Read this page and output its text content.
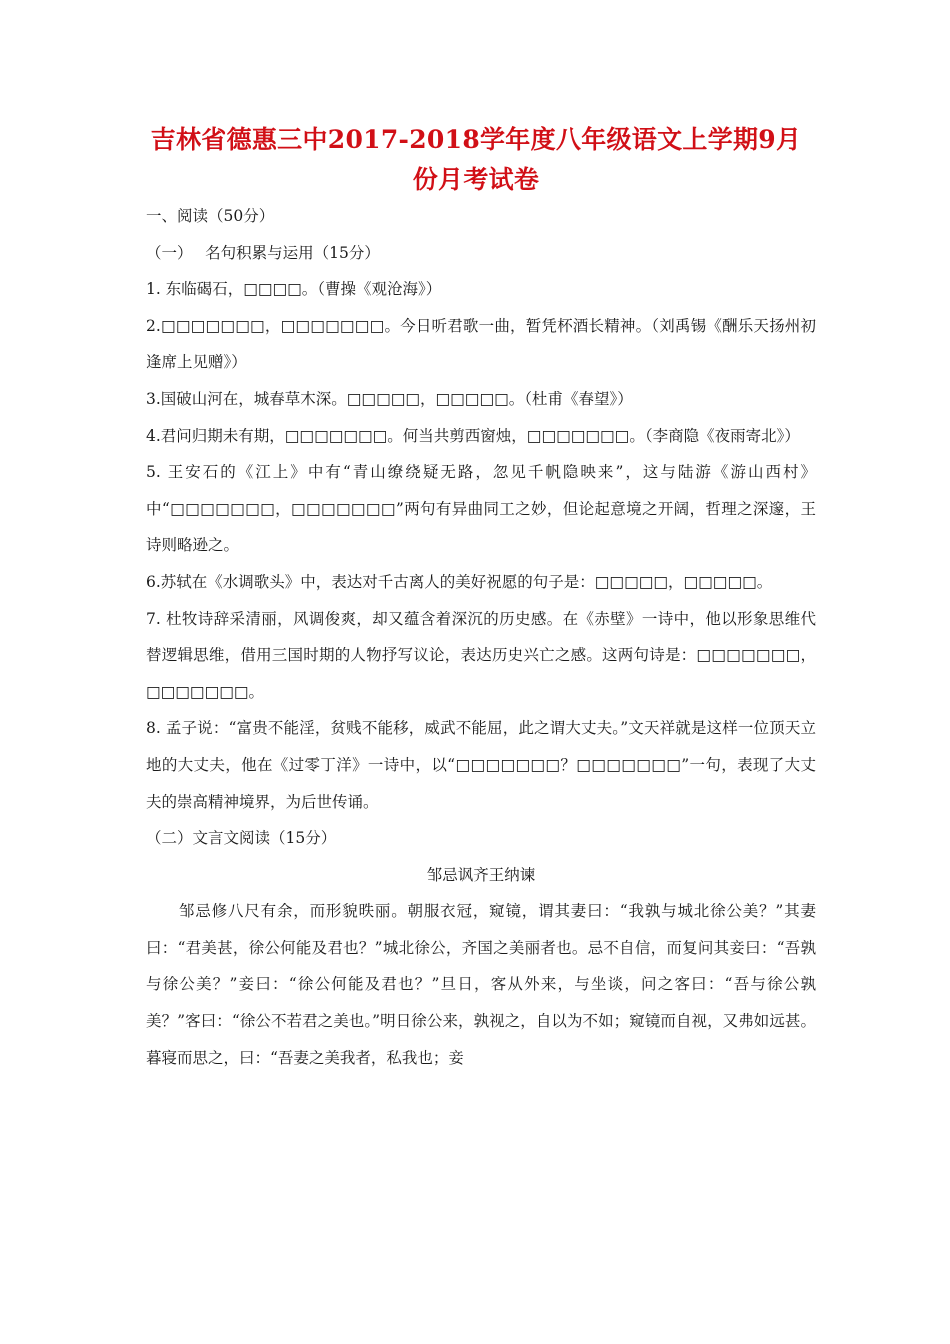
吉林省德惠三中2017-2018学年度八年级语文上学期9月份月考试卷

一、阅读（50分）

（一）　 名句积累与运用（15分）

1. 东临碣石，□□□□。（曹操《观沧海》）

2.□□□□□□□，□□□□□□□。今日听君歌一曲，暂凭杯酒长精神。（刘禹锡《酬乐天扬州初逢席上见赠》）

3.国破山河在，城春草木深。□□□□□，□□□□□。（杜甫《春望》）

4.君问归期未有期，□□□□□□□。何当共剪西窗烛，□□□□□□□。（李商隐《夜雨寄北》）

5. 王安石的《江上》中有“青山缭绕疑无路，忽见千帆隐映来”，这与陆游《游山西村》中“□□□□□□□，□□□□□□□”两句有异曲同工之妙，但论起意境之开阔，哲理之深邃，王诗则略逊之。

6.苏轼在《水调歌头》中，表达对千古离人的美好祝愿的句子是：□□□□□，□□□□□。

7. 杜牧诗辞采清丽，风调俊爽，却又蕴含着深沉的历史感。在《赤壁》一诗中，他以形象思维代替逻辑思维，借用三国时期的人物抒写议论，表达历史兴亡之感。这两句诗是：□□□□□□□，□□□□□□□。

8. 孟子说：“富贵不能淫，贫贱不能移，威武不能屈，此之谓大丈夫。”文天祥就是这样一位顶天立地的大丈夫，他在《过零丁洋》一诗中，以“□□□□□□□？□□□□□□□”一句，表现了大丈夫的崇高精神境界，为后世传诵。

（二）文言文阅读（15分）

邹忌讽齐王纳谏

邹忌修八尺有余，而形貌昳丽。朝服衣冠，窥镜，谓其妻曰：“我孰与城北徐公美？”其妻曰：“君美甚，徐公何能及君也？”城北徐公，齐国之美丽者也。忌不自信，而复问其妾曰：“吾孰与徐公美？”妾曰：“徐公何能及君也？”旦日，客从外来，与坐谈，问之客曰：“吾与徐公孰美？”客曰：“徐公不若君之美也。”明日徐公来，孰视之，自以为不如；窥镜而自视，又弗如远甚。暮寝而思之，曰：“吾妻之美我者，私我也；妾
